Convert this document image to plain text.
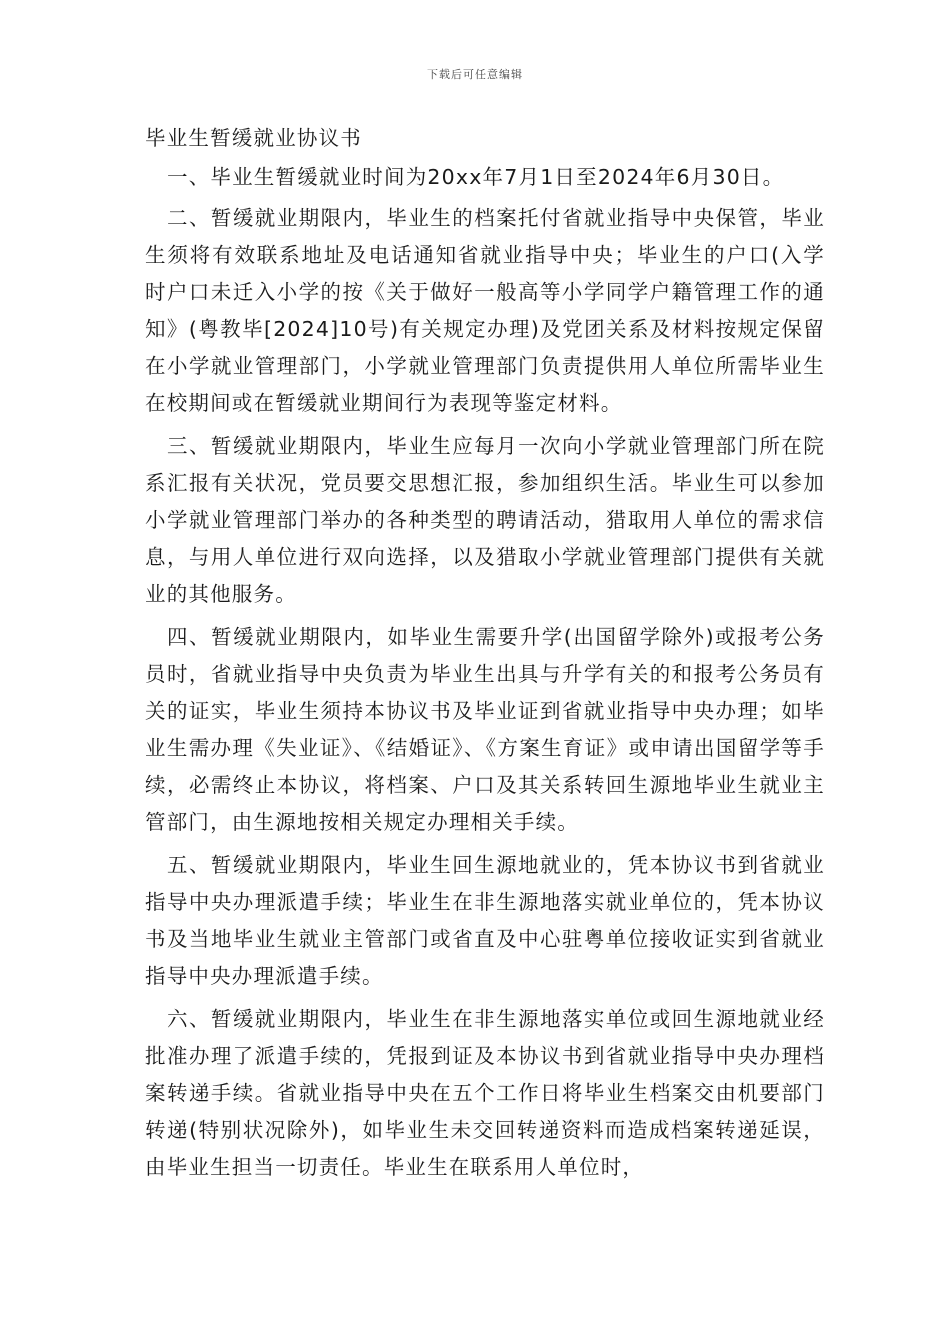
下载后可任意编辑
毕业生暂缓就业协议书

一、毕业生暂缓就业时间为20xx年7月1日至2024年6月30日。

二、暂缓就业期限内，毕业生的档案托付省就业指导中央保管，毕业生须将有效联系地址及电话通知省就业指导中央；毕业生的户口(入学时户口未迁入小学的按《关于做好一般高等小学同学户籍管理工作的通知》(粤教毕[2024]10号)有关规定办理)及党团关系及材料按规定保留在小学就业管理部门，小学就业管理部门负责提供用人单位所需毕业生在校期间或在暂缓就业期间行为表现等鉴定材料。

三、暂缓就业期限内，毕业生应每月一次向小学就业管理部门所在院系汇报有关状况，党员要交思想汇报，参加组织生活。毕业生可以参加小学就业管理部门举办的各种类型的聘请活动，猎取用人单位的需求信息，与用人单位进行双向选择，以及猎取小学就业管理部门提供有关就业的其他服务。

四、暂缓就业期限内，如毕业生需要升学(出国留学除外)或报考公务员时，省就业指导中央负责为毕业生出具与升学有关的和报考公务员有关的证实，毕业生须持本协议书及毕业证到省就业指导中央办理；如毕业生需办理《失业证》、《结婚证》、《方案生育证》或申请出国留学等手续，必需终止本协议，将档案、户口及其关系转回生源地毕业生就业主管部门，由生源地按相关规定办理相关手续。

五、暂缓就业期限内，毕业生回生源地就业的，凭本协议书到省就业指导中央办理派遣手续；毕业生在非生源地落实就业单位的，凭本协议书及当地毕业生就业主管部门或省直及中心驻粤单位接收证实到省就业指导中央办理派遣手续。

六、暂缓就业期限内，毕业生在非生源地落实单位或回生源地就业经批准办理了派遣手续的，凭报到证及本协议书到省就业指导中央办理档案转递手续。省就业指导中央在五个工作日将毕业生档案交由机要部门转递(特别状况除外)，如毕业生未交回转递资料而造成档案转递延误，由毕业生担当一切责任。毕业生在联系用人单位时，
